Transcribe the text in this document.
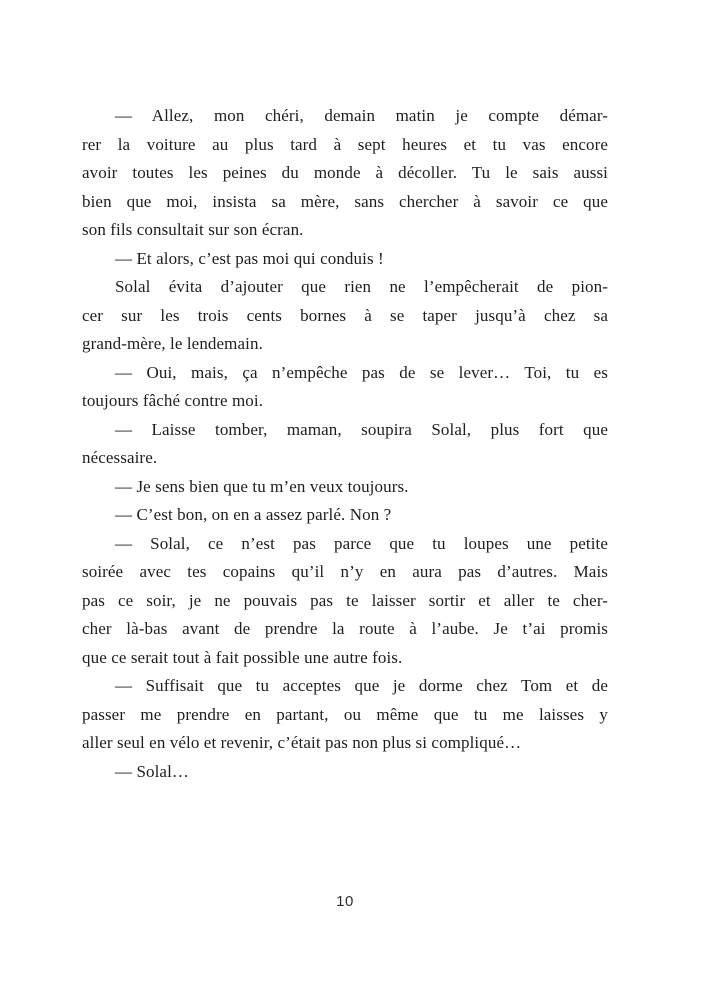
— Allez, mon chéri, demain matin je compte démar-
rer la voiture au plus tard à sept heures et tu vas encore
avoir toutes les peines du monde à décoller. Tu le sais aussi
bien que moi, insista sa mère, sans chercher à savoir ce que
son fils consultait sur son écran.
— Et alors, c’est pas moi qui conduis !
Solal évita d’ajouter que rien ne l’empêcherait de pion-
cer sur les trois cents bornes à se taper jusqu’à chez sa
grand-mère, le lendemain.
— Oui, mais, ça n’empêche pas de se lever… Toi, tu es
toujours fâché contre moi.
— Laisse tomber, maman, soupira Solal, plus fort que
nécessaire.
— Je sens bien que tu m’en veux toujours.
— C’est bon, on en a assez parlé. Non ?
— Solal, ce n’est pas parce que tu loupes une petite
soirée avec tes copains qu’il n’y en aura pas d’autres. Mais
pas ce soir, je ne pouvais pas te laisser sortir et aller te cher-
cher là-bas avant de prendre la route à l’aube. Je t’ai promis
que ce serait tout à fait possible une autre fois.
— Suffisait que tu acceptes que je dorme chez Tom et de
passer me prendre en partant, ou même que tu me laisses y
aller seul en vélo et revenir, c’était pas non plus si compliqué…
— Solal…
10
